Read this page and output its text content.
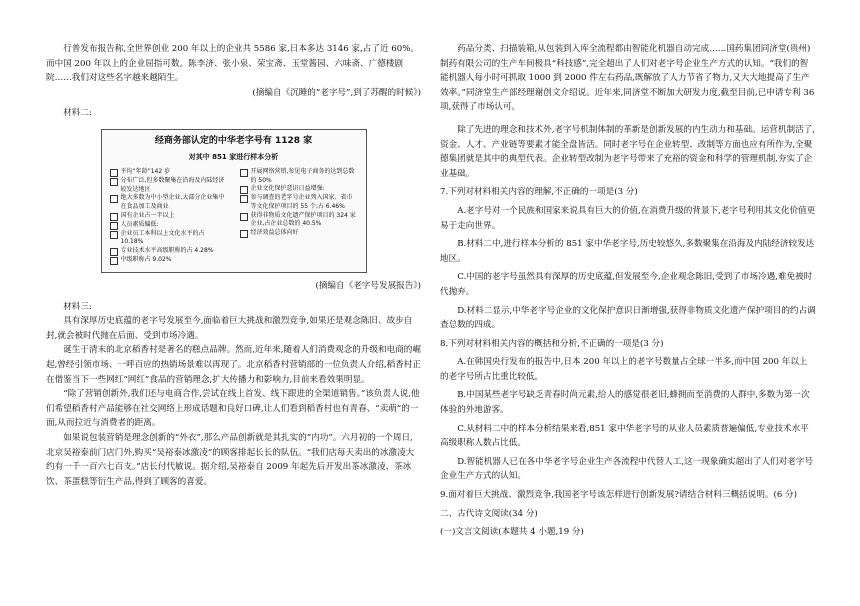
行普发布报告称,全世界创业 200 年以上的企业共 5586 家,日本多达 3146 家,占了近 60%。而中国 200 年以上的企业屈指可数。陈李济、张小泉、荣宝斋、玉堂酱园、六味斋、广德楼剧院……我们对这些名字越来越陌生。

(摘编自《沉睡的“老字号”,到了苏醒的时候》)

材料二:

经商务部认定的中华老字号有 1128 家
对其中 851 家进行样本分析
平均“年龄”142 岁
分布广泛,但多数聚集在沿海及内陆经济较发达地区
绝大多数为中小型企业,大部分企业集中在食品加工及商业
国有企业占一半以上
人员素质偏低:
企业员工本科以上文化水平的占 10.18%
专业技术水平高级职称的占 4.28%
中级职称占 9.02%
开展网络营销,参见电子商务的达到总数的 50%
企业文化保护意识日益增强:
参与调查的老字号企业列入国家、省市等文化保护项目的 55 个,占 6.46%
获得非物质文化遗产保护项目的 324 家企业,占企业总数的 40.5%
经济效益总体向好

(摘编自《老字号发展报告》)

材料三:

具有深厚历史底蕴的老字号发展至今,面临着巨大挑战和激烈竞争,如果还是观念陈旧、故步自封,就会被时代抛在后面、受到市场冷遇。

诞生于清末的北京稻香村是著名的糕点品牌。然而,近年来,随着人们消费观念的升级和电商的崛起,曾经引领市场、一呼百应的热销场景难以再现了。北京稻香村营销部的一位负责人介绍,稻香村正在借鉴当下一些网红“网红”食品的营销理念,扩大传播力和影响力,目前来看效果明显。

“除了营销创新外,我们还与电商合作,尝试在线上首发、线下跟进的全渠道销售。”该负责人说,他们希望稻香村产品能够在社交网络上形成话题和良好口碑,让人们看到稻香村也有青春、“卖萌”的一面,从而拉近与消费者的距离。

如果说包装营销是理念创新的“外衣”,那么产品创新就是其扎实的“内功”。六月初的一个周日,北京吴裕泰前门店门外,购买“吴裕泰冰激凌”的顾客排起长长的队伍。“我们店每天卖出的冰激凌大约有一千一百六七百支。”店长付代敏说。据介绍,吴裕泰自 2009 年起先后开发出茶冰激凌、茶冰饮、茶蛋糕等衍生产品,得到了顾客的喜爱。

药品分类、扫描装箱,从包装到入库全流程都由智能化机器自动完成……国药集团同济堂(贵州)制药有限公司的生产车间极具“科技感”,完全超出了人们对老字号企业生产方式的认知。“我们的智能机器人每小时可抓取 1000 到 2000 件左右药品,既解放了人力节省了物力,又大大地提高了生产效率。”同济堂生产部经理谢创文介绍说。近年来,同济堂不断加大研发力度,截至目前,已申请专利 36 项,获得了市场认可。

除了先进的理念和技术外,老字号机制体制的革新是创新发展的内生动力和基础。运营机制活了,资金、人才、产业链等要素才能全盘皆活。同时老字号在企业转型、改制等方面也应有所作为,全聚德集团就是其中的典型代表。企业转型改制为老字号带来了充裕的资金和科学的管理机制,夯实了企业基础。

7.下列对材料相关内容的理解,不正确的一项是(3 分)

A.老字号对一个民族和国家来说具有巨大的价值,在消费升级的背景下,老字号利用其文化价值更易于走向世界。

B.材料二中,进行样本分析的 851 家中华老字号,历史较悠久,多数聚集在沿海及内陆经济较发达地区。

C.中国的老字号虽然具有深厚的历史底蕴,但发展至今,企业观念陈旧,受到了市场冷遇,难免被时代抛弃。

D.材料二显示,中华老字号企业的文化保护意识日渐增强,获得非物质文化遗产保护项目的约占调查总数的四成。

8.下列对材料相关内容的概括和分析,不正确的一项是(3 分)

A.在韩国央行发布的报告中,日本 200 年以上的老字号数量占全球一半多,而中国 200 年以上的老字号所占比重比较低。

B.中国某些老字号缺乏青春时尚元素,给人的感觉很老旧,蜂拥而至消费的人群中,多数为第一次体验的外地游客。

C.从材料二中的样本分析结果来看,851 家中华老字号的从业人员素质普遍偏低,专业技术水平高级职称人数占比低。

D.智能机器人已在各中华老字号企业生产各流程中代替人工,这一现象确实超出了人们对老字号企业生产方式的认知。

9.面对着巨大挑战、激烈竞争,我国老字号该怎样进行创新发展?请结合材料三概括说明。(6 分)

二、古代诗文阅读(34 分)

(一)文言文阅读(本题共 4 小题,19 分)
